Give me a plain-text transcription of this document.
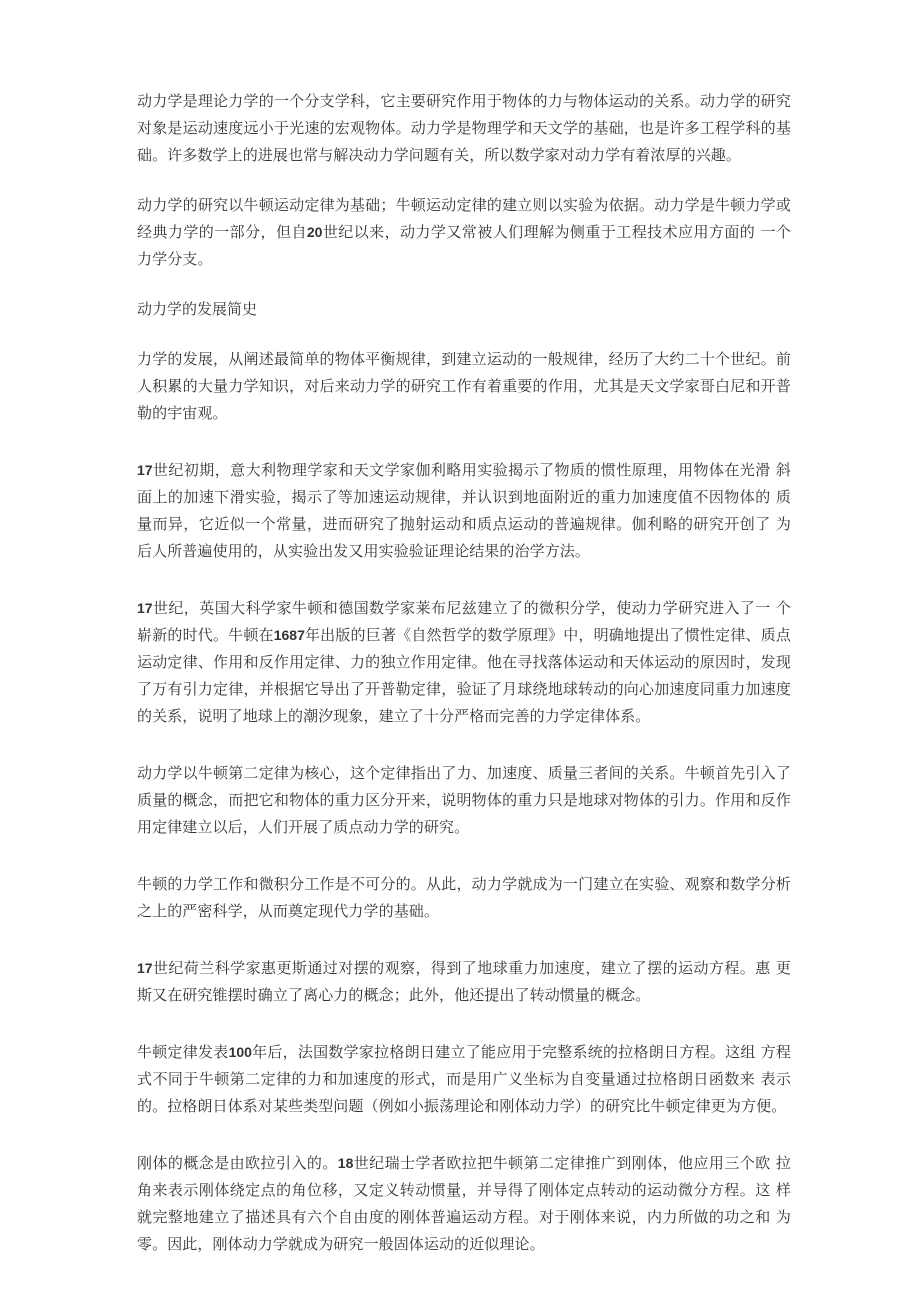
动力学是理论力学的一个分支学科，它主要研究作用于物体的力与物体运动的关系。动力学的研究对象是运动速度远小于光速的宏观物体。动力学是物理学和天文学的基础，也是许多工程学科的基础。许多数学上的进展也常与解决动力学问题有关，所以数学家对动力学有着浓厚的兴趣。

动力学的研究以牛顿运动定律为基础；牛顿运动定律的建立则以实验为依据。动力学是牛顿力学或经典力学的一部分，但自20世纪以来，动力学又常被人们理解为侧重于工程技术应用方面的 一个力学分支。

动力学的发展简史

力学的发展，从阐述最简单的物体平衡规律，到建立运动的一般规律，经历了大约二十个世纪。前人积累的大量力学知识，对后来动力学的研究工作有着重要的作用，尤其是天文学家哥白尼和开普勒的宇宙观。

17世纪初期，意大利物理学家和天文学家伽利略用实验揭示了物质的惯性原理，用物体在光滑 斜面上的加速下滑实验，揭示了等加速运动规律，并认识到地面附近的重力加速度值不因物体的 质量而异，它近似一个常量，进而研究了抛射运动和质点运动的普遍规律。伽利略的研究开创了 为后人所普遍使用的，从实验出发又用实验验证理论结果的治学方法。

17世纪，英国大科学家牛顿和德国数学家莱布尼兹建立了的微积分学，使动力学研究进入了一 个崭新的时代。牛顿在1687年出版的巨著《自然哲学的数学原理》中，明确地提出了惯性定律、质点运动定律、作用和反作用定律、力的独立作用定律。他在寻找落体运动和天体运动的原因时，发现了万有引力定律，并根据它导出了开普勒定律，验证了月球绕地球转动的向心加速度同重力加速度的关系，说明了地球上的潮汐现象，建立了十分严格而完善的力学定律体系。

动力学以牛顿第二定律为核心，这个定律指出了力、加速度、质量三者间的关系。牛顿首先引入了质量的概念，而把它和物体的重力区分开来，说明物体的重力只是地球对物体的引力。作用和反作用定律建立以后，人们开展了质点动力学的研究。

牛顿的力学工作和微积分工作是不可分的。从此，动力学就成为一门建立在实验、观察和数学分析之上的严密科学，从而奠定现代力学的基础。

17世纪荷兰科学家惠更斯通过对摆的观察，得到了地球重力加速度，建立了摆的运动方程。惠 更斯又在研究锥摆时确立了离心力的概念；此外，他还提出了转动惯量的概念。

牛顿定律发表100年后，法国数学家拉格朗日建立了能应用于完整系统的拉格朗日方程。这组 方程式不同于牛顿第二定律的力和加速度的形式，而是用广义坐标为自变量通过拉格朗日函数来 表示的。拉格朗日体系对某些类型问题（例如小振荡理论和刚体动力学）的研究比牛顿定律更为方便。

刚体的概念是由欧拉引入的。18世纪瑞士学者欧拉把牛顿第二定律推广到刚体，他应用三个欧 拉角来表示刚体绕定点的角位移，又定义转动惯量，并导得了刚体定点转动的运动微分方程。这 样就完整地建立了描述具有六个自由度的刚体普遍运动方程。对于刚体来说，内力所做的功之和 为零。因此，刚体动力学就成为研究一般固体运动的近似理论。
